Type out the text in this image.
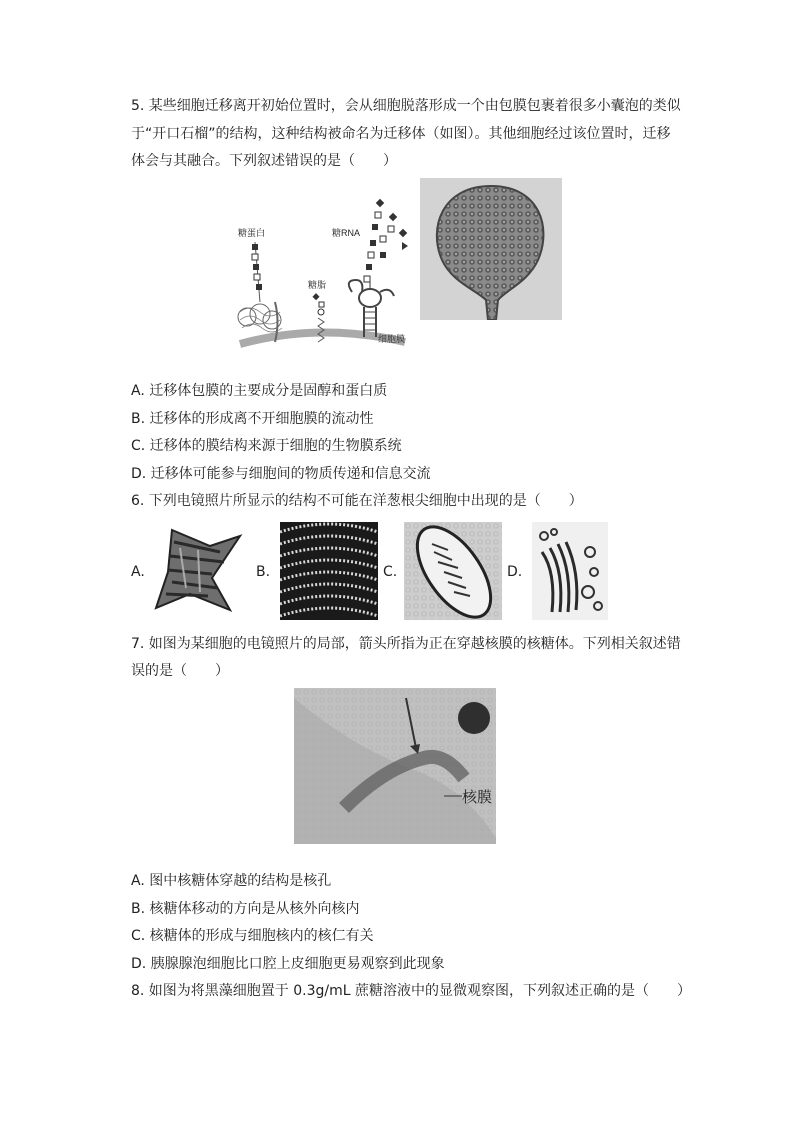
5. 某些细胞迁移离开初始位置时，会从细胞脱落形成一个由包膜包裹着很多小囊泡的类似
于“开口石榴”的结构，这种结构被命名为迁移体（如图）。其他细胞经过该位置时，迁移
体会与其融合。下列叙述错误的是（　　）
糖蛋白
糖脂
糖RNA
细胞膜
A. 迁移体包膜的主要成分是固醇和蛋白质
B. 迁移体的形成离不开细胞膜的流动性
C. 迁移体的膜结构来源于细胞的生物膜系统
D. 迁移体可能参与细胞间的物质传递和信息交流
6. 下列电镜照片所显示的结构不可能在洋葱根尖细胞中出现的是（　　）
A.	B.	C.	D.
7. 如图为某细胞的电镜照片的局部，箭头所指为正在穿越核膜的核糖体。下列相关叙述错
误的是（　　）
核膜
A. 图中核糖体穿越的结构是核孔
B. 核糖体移动的方向是从核外向核内
C. 核糖体的形成与细胞核内的核仁有关
D. 胰腺腺泡细胞比口腔上皮细胞更易观察到此现象
8. 如图为将黑藻细胞置于 0.3g/mL 蔗糖溶液中的显微观察图，下列叙述正确的是（　　）
